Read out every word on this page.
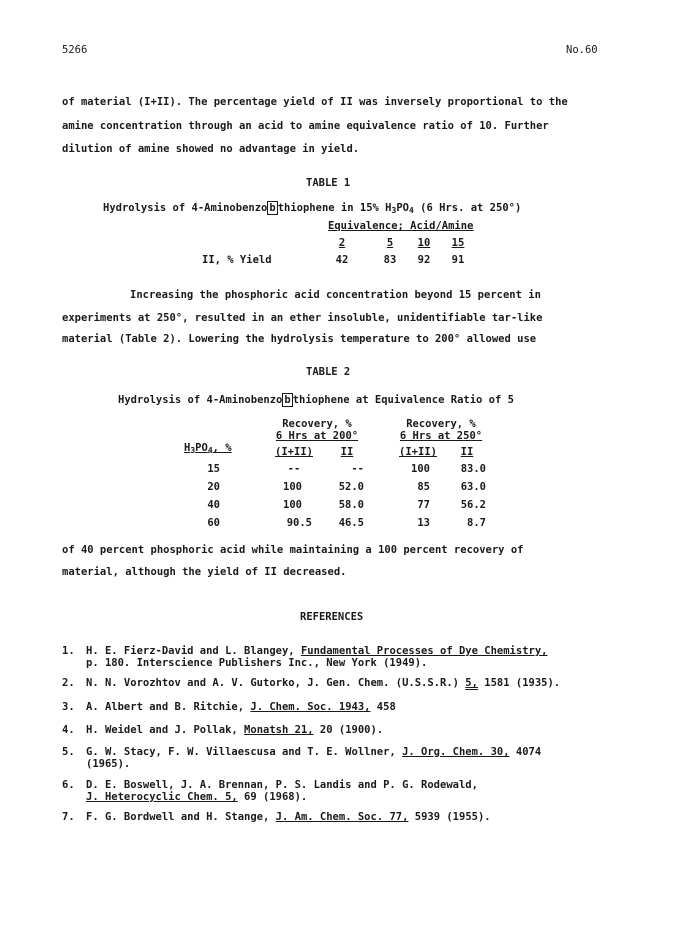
5266	No.60
of material (I+II). The percentage yield of II was inversely proportional to the
amine concentration through an acid to amine equivalence ratio of 10. Further
dilution of amine showed no advantage in yield.
TABLE 1
Hydrolysis of 4-Aminobenzo b thiophene in 15% $H_3PO_4$ (6 Hrs. at 250°)
Equivalence; Acid/Amine
2	5	10	15
II, % Yield	42	83	92	91
Increasing the phosphoric acid concentration beyond 15 percent in
experiments at 250°, resulted in an ether insoluble, unidentifiable tar-like
material (Table 2). Lowering the hydrolysis temperature to 200° allowed use
TABLE 2
Hydrolysis of 4-Aminobenzo b thiophene at Equivalence Ratio of 5
Recovery, %
6 Hrs at 200°
Recovery, %
6 Hrs at 250°
$H_3PO_4$, %	(I+II)	II	(I+II)	II
15	--	--	100	83.0
20	100	52.0	85	63.0
40	100	58.0	77	56.2
60	90.5	46.5	13	8.7
of 40 percent phosphoric acid while maintaining a 100 percent recovery of
material, although the yield of II decreased.
REFERENCES
1. H. E. Fierz-David and L. Blangey, Fundamental Processes of Dye Chemistry,
p. 180. Interscience Publishers Inc., New York (1949).
2. N. N. Vorozhtov and A. V. Gutorko, J. Gen. Chem. (U.S.S.R.) 5, 1581 (1935).
3. A. Albert and B. Ritchie, J. Chem. Soc. 1943, 458
4. H. Weidel and J. Pollak, Monatsh 21, 20 (1900).
5. G. W. Stacy, F. W. Villaescusa and T. E. Wollner, J. Org. Chem. 30, 4074
(1965).
6. D. E. Boswell, J. A. Brennan, P. S. Landis and P. G. Rodewald,
J. Heterocyclic Chem. 5, 69 (1968).
7. F. G. Bordwell and H. Stange, J. Am. Chem. Soc. 77, 5939 (1955).
